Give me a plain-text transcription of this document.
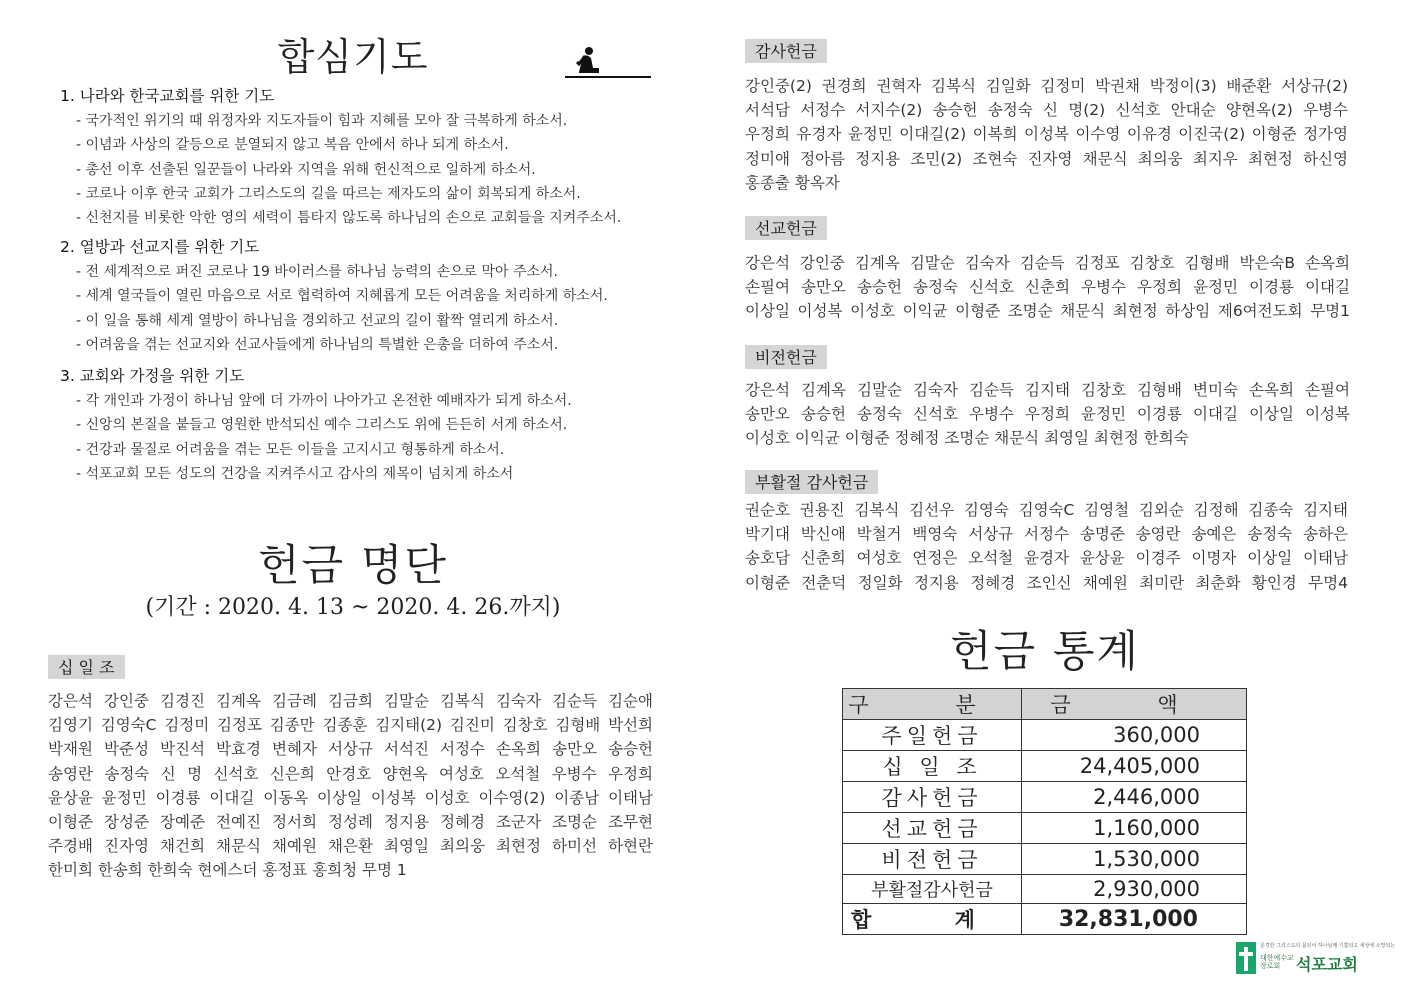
합심기도
1. 나라와 한국교회를 위한 기도
- 국가적인 위기의 때 위정자와 지도자들이 힘과 지혜를 모아 잘 극복하게 하소서.
- 이념과 사상의 갈등으로 분열되지 않고 복음 안에서 하나 되게 하소서.
- 총선 이후 선출된 일꾼들이 나라와 지역을 위해 헌신적으로 일하게 하소서.
- 코로나 이후 한국 교회가 그리스도의 길을 따르는 제자도의 삶이 회복되게 하소서.
- 신천지를 비롯한 악한 영의 세력이 틈타지 않도록 하나님의 손으로 교회들을 지켜주소서.
2. 열방과 선교지를 위한 기도
- 전 세계적으로 퍼진 코로나 19 바이러스를 하나님 능력의 손으로 막아 주소서.
- 세계 열국들이 열린 마음으로 서로 협력하여 지혜롭게 모든 어려움을 처리하게 하소서.
- 이 일을 통해 세계 열방이 하나님을 경외하고 선교의 길이 활짝 열리게 하소서.
- 어려움을 겪는 선교지와 선교사들에게 하나님의 특별한 은총을 더하여 주소서.
3. 교회와 가정을 위한 기도
- 각 개인과 가정이 하나님 앞에 더 가까이 나아가고 온전한 예배자가 되게 하소서.
- 신앙의 본질을 붙들고 영원한 반석되신 예수 그리스도 위에 든든히 서게 하소서.
- 건강과 물질로 어려움을 겪는 모든 이들을 고지시고 형통하게 하소서.
- 석포교회 모든 성도의 건강을 지켜주시고 감사의 제목이 넘치게 하소서
헌금 명단
(기간 : 2020. 4. 13 ~ 2020. 4. 26.까지)
십 일 조
강은석 강인중 김경진 김계옥 김금례 김금희 김말순 김복식 김숙자 김순득 김순애
김영기 김영숙C 김정미 김정포 김종만 김종훈 김지태(2) 김진미 김창호 김형배 박선희
박재원 박준성 박진석 박효경 변혜자 서상규 서석진 서정수 손옥희 송만오 송승헌
송영란 송정숙 신 명 신석호 신은희 안경호 양현옥 여성호 오석철 우병수 우정희
윤상윤 윤정민 이경룡 이대길 이동옥 이상일 이성복 이성호 이수영(2) 이종남 이태남
이형준 장성준 장예준 전예진 정서희 정성례 정지용 정혜경 조군자 조명순 조무현
주경배 진자영 채건희 채문식 채예원 채은환 최영일 최의웅 최현정 하미선 하현란
한미희 한송희 한희숙 현에스더 홍정표 홍희청 무명 1
감사헌금
강인중(2) 권경희 권혁자 김복식 김일화 김정미 박권채 박정이(3) 배준환 서상규(2)
서석담 서정수 서지수(2) 송승헌 송정숙 신 명(2) 신석호 안대순 양현옥(2) 우병수
우정희 유경자 윤정민 이대길(2) 이복희 이성복 이수영 이유경 이진국(2) 이형준 정가영
정미애 정아름 정지용 조민(2) 조현숙 진자영 채문식 최의웅 최지우 최현정 하신영
홍종출 황옥자
선교헌금
강은석 강인중 김계옥 김말순 김숙자 김순득 김정포 김창호 김형배 박은숙B 손옥희
손필여 송만오 송승헌 송정숙 신석호 신춘희 우병수 우정희 윤정민 이경룡 이대길
이상일 이성복 이성호 이익균 이형준 조명순 채문식 최현정 하상임 제6여전도회 무명1
비전헌금
강은석 김계옥 김말순 김숙자 김순득 김지태 김창호 김형배 변미숙 손옥희 손필여
송만오 송승헌 송정숙 신석호 우병수 우정희 윤정민 이경룡 이대길 이상일 이성복
이성호 이익균 이형준 정혜정 조명순 채문식 최영일 최현정 한희숙
부활절 감사헌금
권순호 권용진 김복식 김선우 김영숙 김영숙C 김영철 김외순 김정해 김종숙 김지태
박기대 박신애 박철거 백영숙 서상규 서정수 송명준 송영란 송예은 송정숙 송하은
송호담 신춘희 여성호 연정은 오석철 윤경자 윤상윤 이경주 이명자 이상일 이태남
이형준 전춘덕 정일화 정지용 정혜경 조인신 채예원 최미란 최춘화 황인경 무명4
헌금 통계
구 분	금 액
주일헌금	360,000
십 일 조	24,405,000
감사헌금	2,446,000
선교헌금	1,160,000
비전헌금	1,530,000
부활절감사헌금	2,930,000
합 계	32,831,000
문경한 그리스도의 몸되어 하나님께 기쁨되고 세상에 소망되는
대한예수교 장로회 석포교회
